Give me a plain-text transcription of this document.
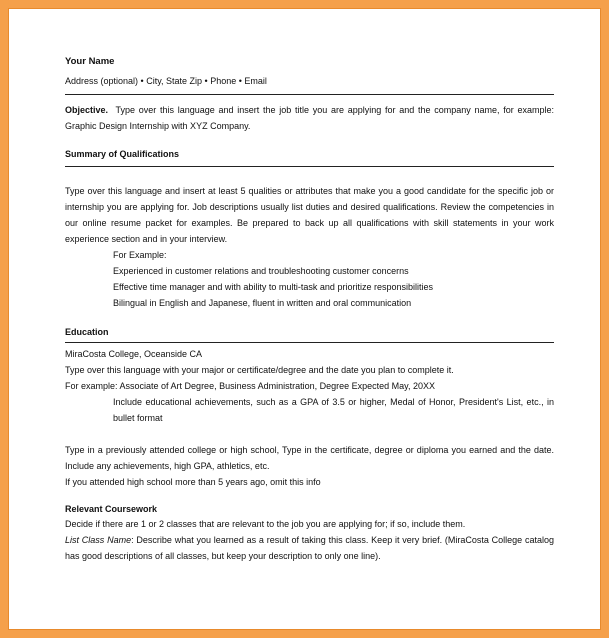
Your Name
Address (optional) • City, State Zip • Phone • Email
Objective. Type over this language and insert the job title you are applying for and the company name, for example: Graphic Design Internship with XYZ Company.
Summary of Qualifications
Type over this language and insert at least 5 qualities or attributes that make you a good candidate for the specific job or internship you are applying for. Job descriptions usually list duties and desired qualifications. Review the competencies in our online resume packet for examples. Be prepared to back up all qualifications with skill statements in your work experience section and in your interview.
For Example:
Experienced in customer relations and troubleshooting customer concerns
Effective time manager and with ability to multi-task and prioritize responsibilities
Bilingual in English and Japanese, fluent in written and oral communication
Education
MiraCosta College, Oceanside CA
Type over this language with your major or certificate/degree and the date you plan to complete it.
For example: Associate of Art Degree, Business Administration, Degree Expected May, 20XX
Include educational achievements, such as a GPA of 3.5 or higher, Medal of Honor, President's List, etc., in bullet format
Type in a previously attended college or high school, Type in the certificate, degree or diploma you earned and the date. Include any achievements, high GPA, athletics, etc.
If you attended high school more than 5 years ago, omit this info
Relevant Coursework
Decide if there are 1 or 2 classes that are relevant to the job you are applying for; if so, include them.
List Class Name: Describe what you learned as a result of taking this class. Keep it very brief. (MiraCosta College catalog has good descriptions of all classes, but keep your description to only one line).
